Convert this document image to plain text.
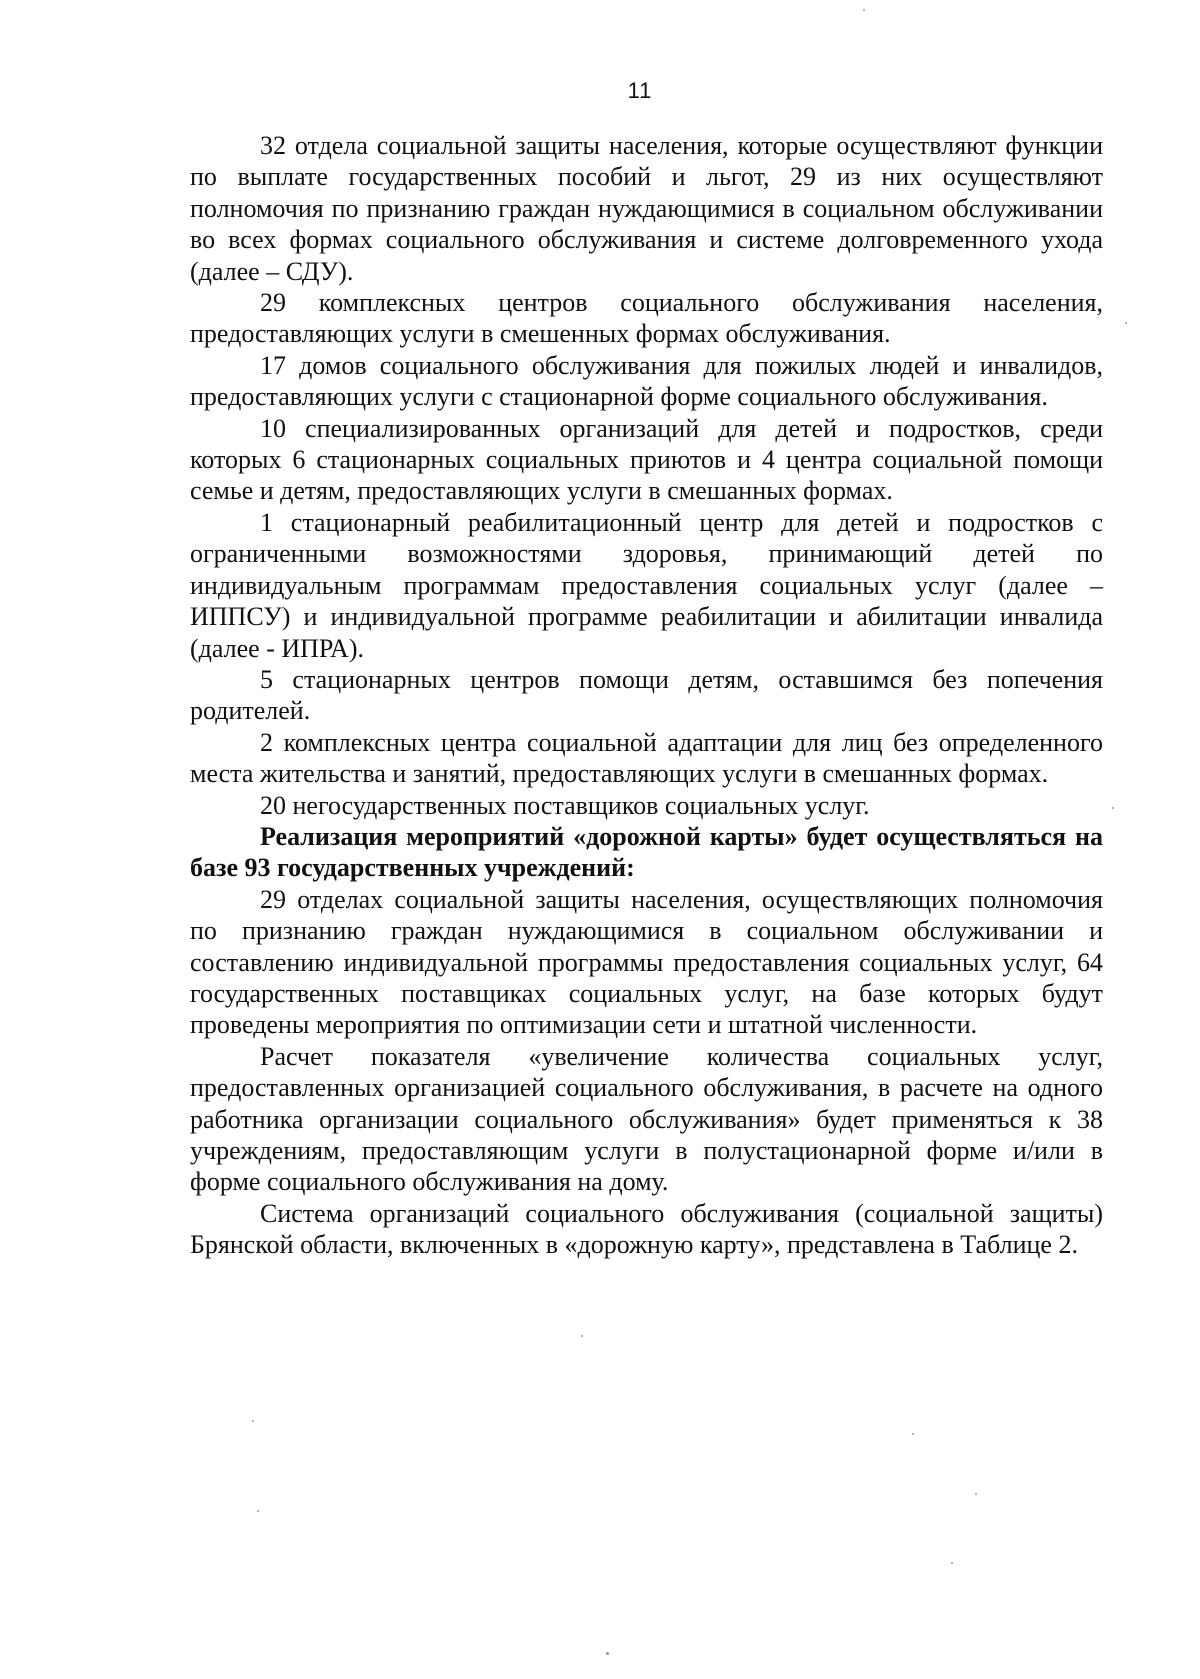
11

32 отдела социальной защиты населения, которые осуществляют функции по выплате государственных пособий и льгот, 29 из них осуществляют полномочия по признанию граждан нуждающимися в социальном обслуживании во всех формах социального обслуживания и системе долговременного ухода (далее – СДУ).

29 комплексных центров социального обслуживания населения, предоставляющих услуги в смешенных формах обслуживания.

17 домов социального обслуживания для пожилых людей и инвалидов, предоставляющих услуги с стационарной форме социального обслуживания.

10 специализированных организаций для детей и подростков, среди которых 6 стационарных социальных приютов и 4 центра социальной помощи семье и детям, предоставляющих услуги в смешанных формах.

1 стационарный реабилитационный центр для детей и подростков с ограниченными возможностями здоровья, принимающий детей по индивидуальным программам предоставления социальных услуг (далее – ИППСУ) и индивидуальной программе реабилитации и абилитации инвалида (далее - ИПРА).

5 стационарных центров помощи детям, оставшимся без попечения родителей.

2 комплексных центра социальной адаптации для лиц без определенного места жительства и занятий, предоставляющих услуги в смешанных формах.

20 негосударственных поставщиков социальных услуг.

Реализация мероприятий «дорожной карты» будет осуществляться на базе 93 государственных учреждений:

29 отделах социальной защиты населения, осуществляющих полномочия по признанию граждан нуждающимися в социальном обслуживании и составлению индивидуальной программы предоставления социальных услуг, 64 государственных поставщиках социальных услуг, на базе которых будут проведены мероприятия по оптимизации сети и штатной численности.

Расчет показателя «увеличение количества социальных услуг, предоставленных организацией социального обслуживания, в расчете на одного работника организации социального обслуживания» будет применяться к 38 учреждениям, предоставляющим услуги в полустационарной форме и/или в форме социального обслуживания на дому.

Система организаций социального обслуживания (социальной защиты) Брянской области, включенных в «дорожную карту», представлена в Таблице 2.
